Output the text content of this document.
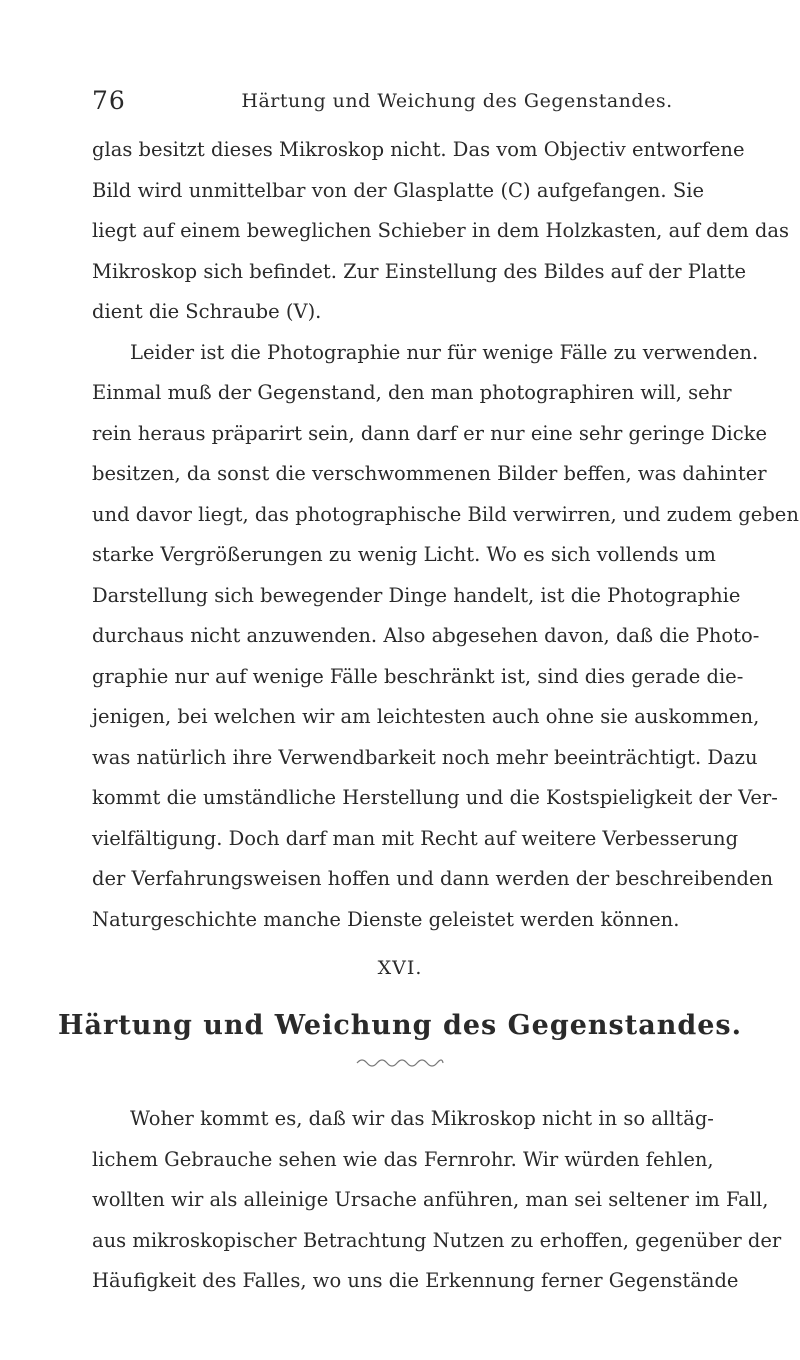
76	Härtung und Weichung des Gegenstandes.
glas besitzt dieses Mikroskop nicht. Das vom Objectiv entworfene
Bild wird unmittelbar von der Glasplatte (C) aufgefangen. Sie
liegt auf einem beweglichen Schieber in dem Holzkasten, auf dem das
Mikroskop sich befindet. Zur Einstellung des Bildes auf der Platte
dient die Schraube (V).
Leider ist die Photographie nur für wenige Fälle zu verwenden.
Einmal muß der Gegenstand, den man photographiren will, sehr
rein heraus präparirt sein, dann darf er nur eine sehr geringe Dicke
besitzen, da sonst die verschwommenen Bilder beffen, was dahinter
und davor liegt, das photographische Bild verwirren, und zudem geben
starke Vergrößerungen zu wenig Licht. Wo es sich vollends um
Darstellung sich bewegender Dinge handelt, ist die Photographie
durchaus nicht anzuwenden. Also abgesehen davon, daß die Photo-
graphie nur auf wenige Fälle beschränkt ist, sind dies gerade die-
jenigen, bei welchen wir am leichtesten auch ohne sie auskommen,
was natürlich ihre Verwendbarkeit noch mehr beeinträchtigt. Dazu
kommt die umständliche Herstellung und die Kostspieligkeit der Ver-
vielfältigung. Doch darf man mit Recht auf weitere Verbesserung
der Verfahrungsweisen hoffen und dann werden der beschreibenden
Naturgeschichte manche Dienste geleistet werden können.
XVI.
Härtung und Weichung des Gegenstandes.
Woher kommt es, daß wir das Mikroskop nicht in so alltäg-
lichem Gebrauche sehen wie das Fernrohr. Wir würden fehlen,
wollten wir als alleinige Ursache anführen, man sei seltener im Fall,
aus mikroskopischer Betrachtung Nutzen zu erhoffen, gegenüber der
Häufigkeit des Falles, wo uns die Erkennung ferner Gegenstände
